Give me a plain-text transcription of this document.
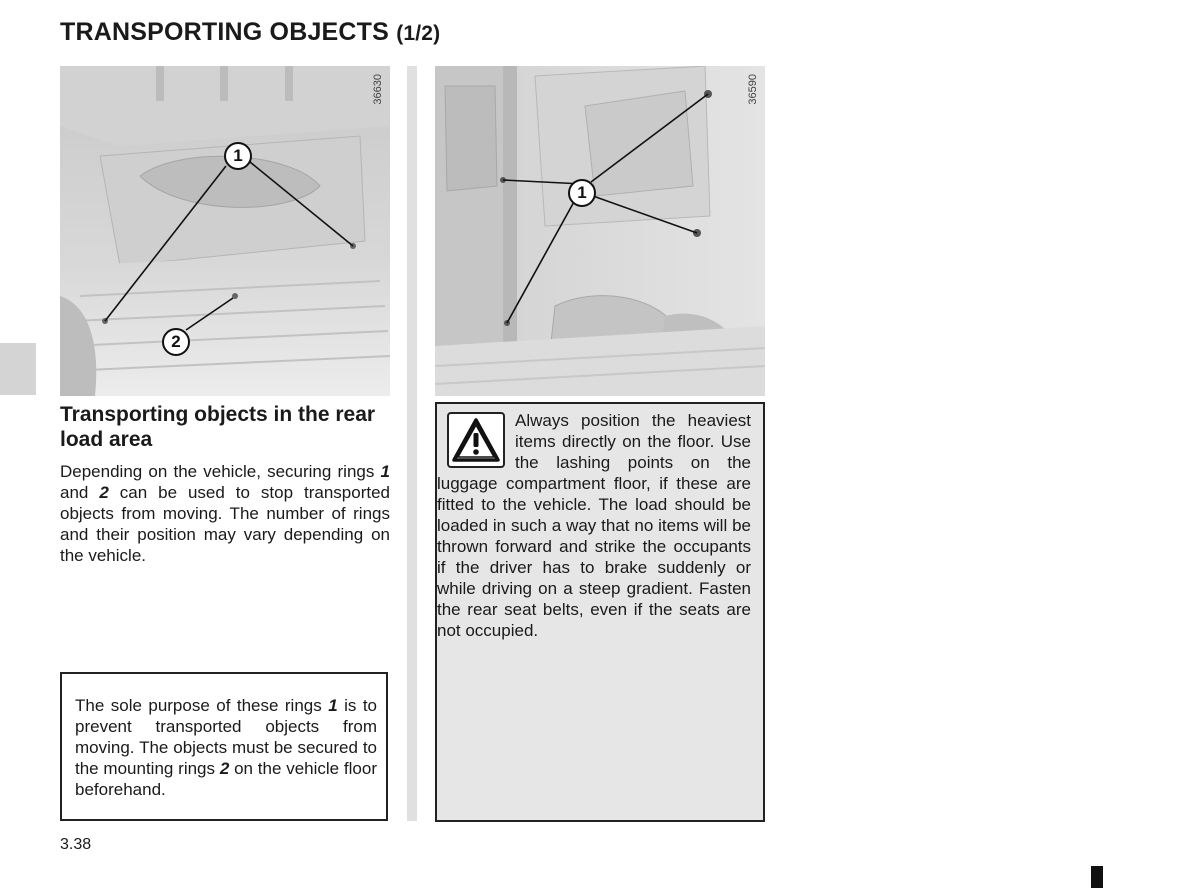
TRANSPORTING OBJECTS (1/2)
36630
1
2
36590
1
Transporting objects in the rear load area
Depending on the vehicle, securing rings 1 and 2 can be used to stop transported objects from moving. The number of rings and their position may vary depending on the vehicle.
The sole purpose of these rings 1 is to prevent transported objects from moving. The objects must be secured to the mounting rings 2 on the vehicle floor beforehand.
Always position the heaviest items directly on the floor. Use the lashing points on the luggage compartment floor, if these are fitted to the vehicle. The load should be loaded in such a way that no items will be thrown forward and strike the occupants if the driver has to brake suddenly or while driving on a steep gradient. Fasten the rear seat belts, even if the seats are not occupied.
3.38
